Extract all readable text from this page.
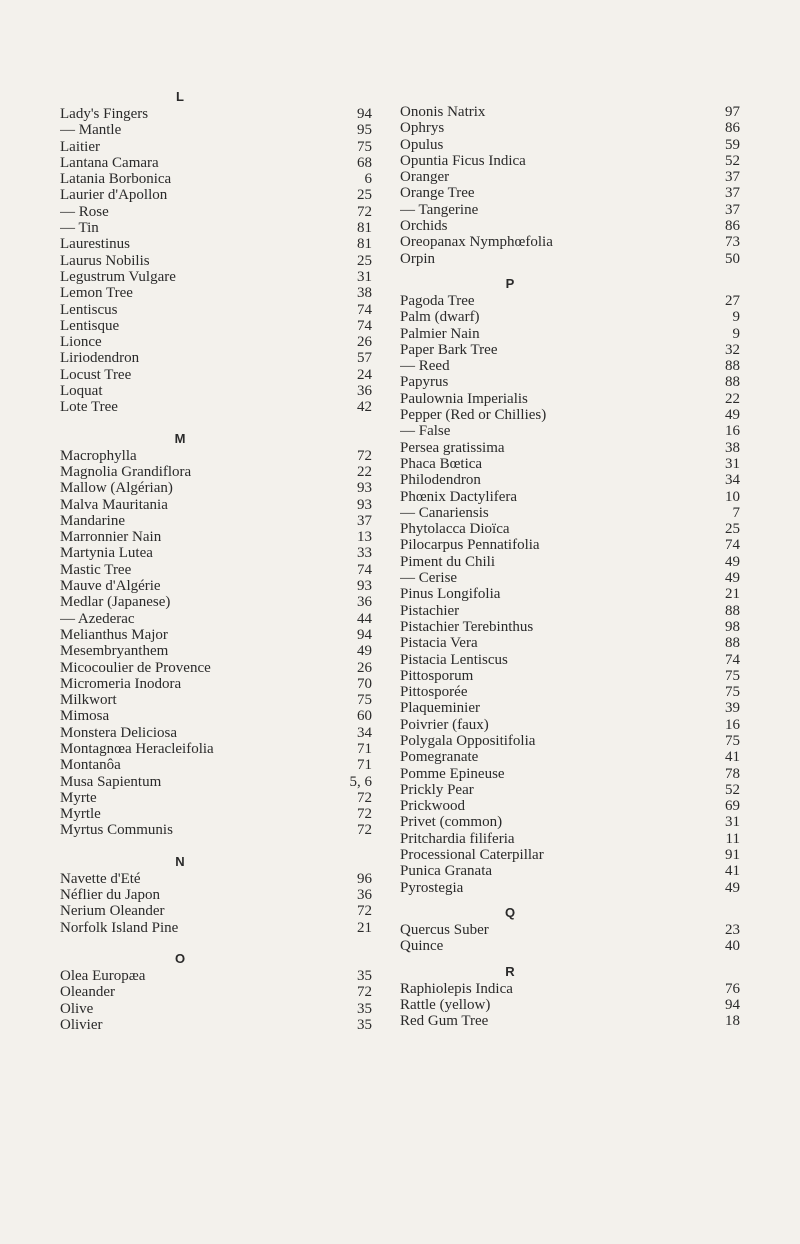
L
Lady's Fingers	94
— Mantle	95
Laitier	75
Lantana Camara	68
Latania Borbonica	6
Laurier d'Apollon	25
— Rose	72
— Tin	81
Laurestinus	81
Laurus Nobilis	25
Legustrum Vulgare	31
Lemon Tree	38
Lentiscus	74
Lentisque	74
Lionce	26
Liriodendron	57
Locust Tree	24
Loquat	36
Lote Tree	42
M
Macrophylla	72
Magnolia Grandiflora	22
Mallow (Algérian)	93
Malva Mauritania	93
Mandarine	37
Marronnier Nain	13
Martynia Lutea	33
Mastic Tree	74
Mauve d'Algérie	93
Medlar (Japanese)	36
— Azederac	44
Melianthus Major	94
Mesembryanthem	49
Micocoulier de Provence	26
Micromeria Inodora	70
Milkwort	75
Mimosa	60
Monstera Deliciosa	34
Montagnœa Heracleifolia	71
Montanôa	71
Musa Sapientum	5, 6
Myrte	72
Myrtle	72
Myrtus Communis	72
N
Navette d'Eté	96
Néflier du Japon	36
Nerium Oleander	72
Norfolk Island Pine	21
O
Olea Europæa	35
Oleander	72
Olive	35
Olivier	35
Ononis Natrix	97
Ophrys	86
Opulus	59
Opuntia Ficus Indica	52
Oranger	37
Orange Tree	37
— Tangerine	37
Orchids	86
Oreopanax Nymphœfolia	73
Orpin	50
P
Pagoda Tree	27
Palm (dwarf)	9
Palmier Nain	9
Paper Bark Tree	32
— Reed	88
Papyrus	88
Paulownia Imperialis	22
Pepper (Red or Chillies)	49
— False	16
Persea gratissima	38
Phaca Bœtica	31
Philodendron	34
Phœnix Dactylifera	10
— Canariensis	7
Phytolacca Dioïca	25
Pilocarpus Pennatifolia	74
Piment du Chili	49
— Cerise	49
Pinus Longifolia	21
Pistachier	88
Pistachier Terebinthus	98
Pistacia Vera	88
Pistacia Lentiscus	74
Pittosporum	75
Pittosporée	75
Plaqueminier	39
Poivrier (faux)	16
Polygala Oppositifolia	75
Pomegranate	41
Pomme Epineuse	78
Prickly Pear	52
Prickwood	69
Privet (common)	31
Pritchardia filiferia	11
Processional Caterpillar	91
Punica Granata	41
Pyrostegia	49
Q
Quercus Suber	23
Quince	40
R
Raphiolepis Indica	76
Rattle (yellow)	94
Red Gum Tree	18
